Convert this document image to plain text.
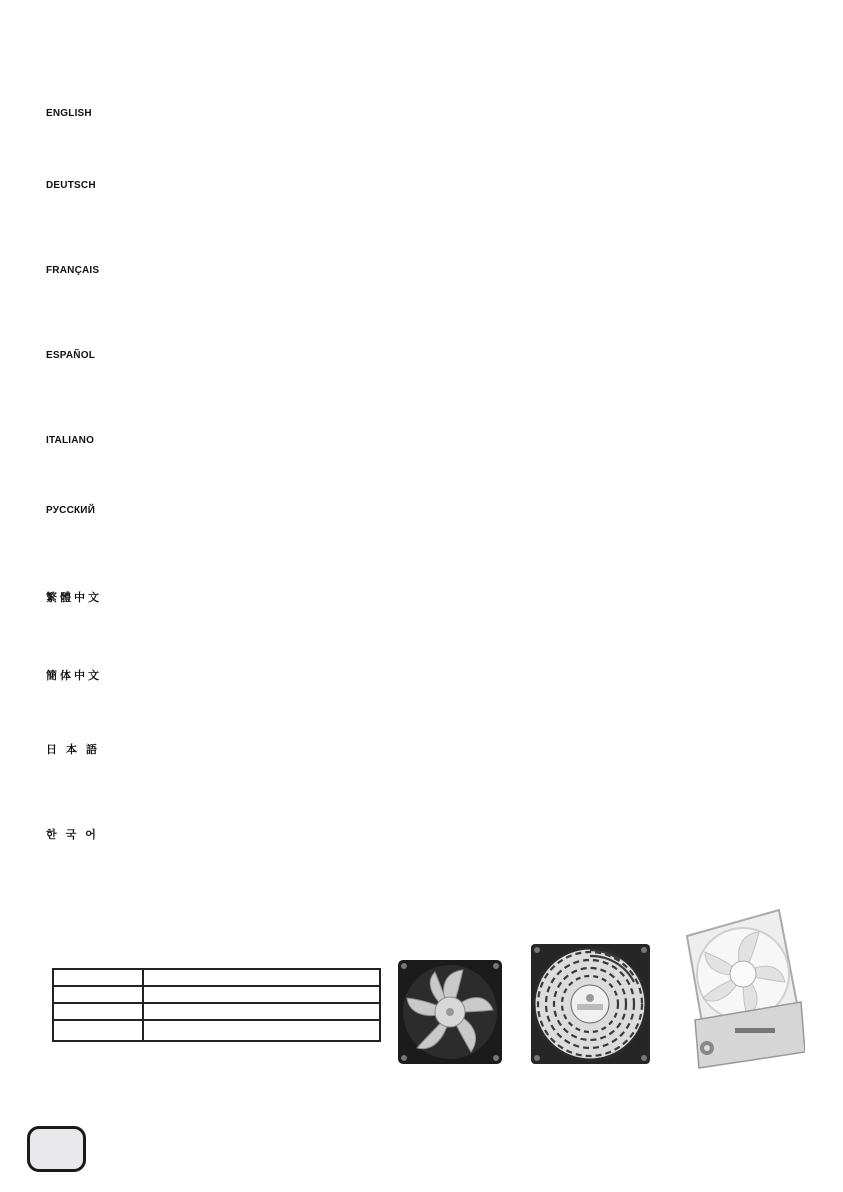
ENGLISH
DEUTSCH
FRANÇAIS
ESPAÑOL
ITALIANO
РУССКИЙ
繁體中文
簡体中文
日本語
한국어
